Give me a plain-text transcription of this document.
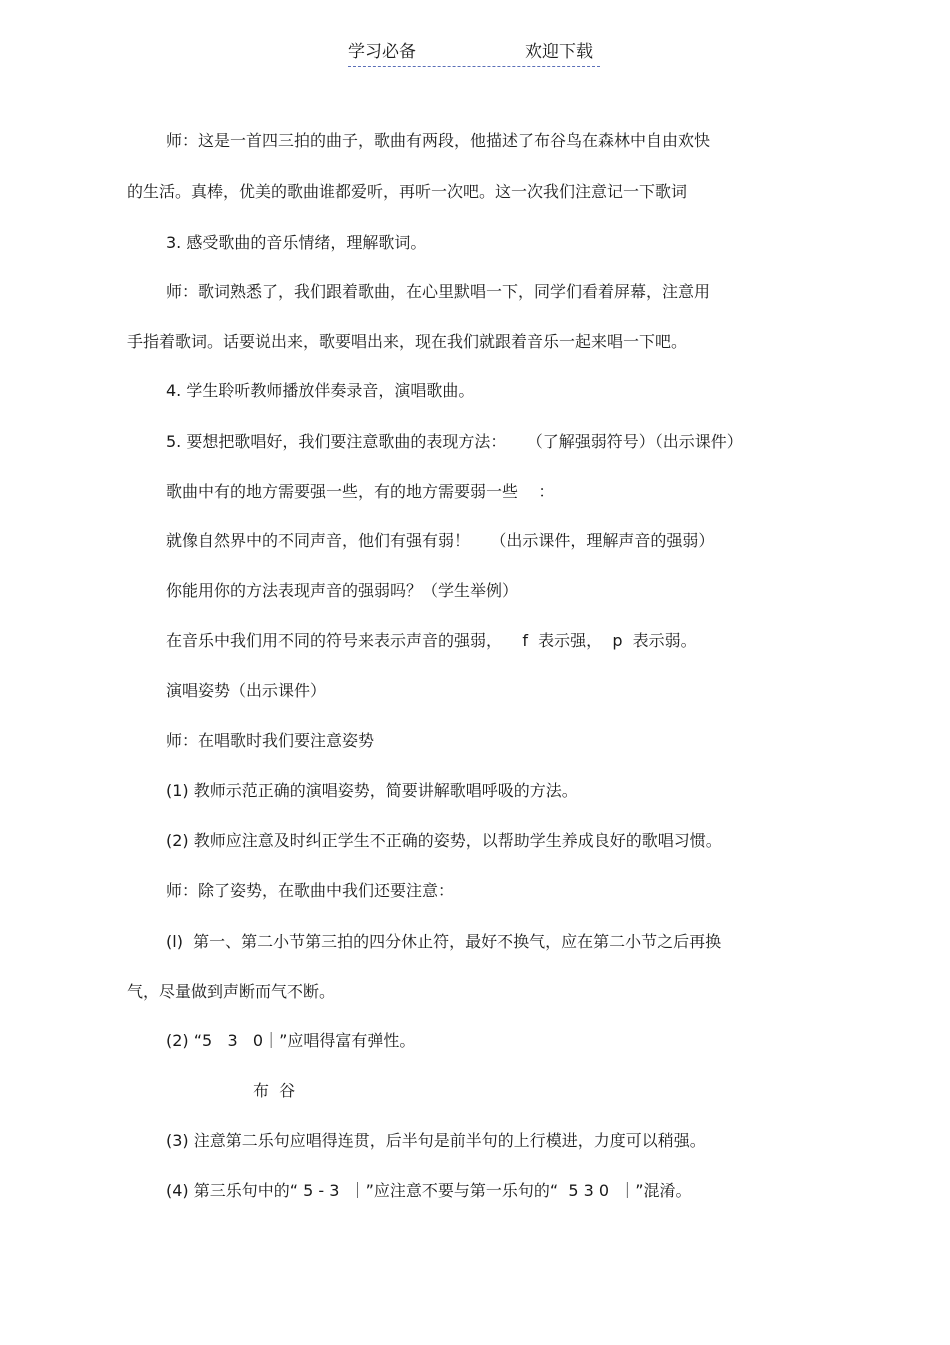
学习必备	欢迎下载
师：这是一首四三拍的曲子，歌曲有两段，他描述了布谷鸟在森林中自由欢快
的生活。真棒，优美的歌曲谁都爱听，再听一次吧。这一次我们注意记一下歌词
3. 感受歌曲的音乐情绪，理解歌词。
师：歌词熟悉了，我们跟着歌曲，在心里默唱一下，同学们看着屏幕，注意用
手指着歌词。话要说出来，歌要唱出来，现在我们就跟着音乐一起来唱一下吧。
4. 学生聆听教师播放伴奏录音，演唱歌曲。
5. 要想把歌唱好，我们要注意歌曲的表现方法：    （了解强弱符号）（出示课件）
歌曲中有的地方需要强一些，有的地方需要弱一些    ：
就像自然界中的不同声音，他们有强有弱！    （出示课件，理解声音的强弱）
你能用你的方法表现声音的强弱吗？（学生举例）
在音乐中我们用不同的符号来表示声音的强弱，    f  表示强，  p  表示弱。
演唱姿势（出示课件）
师：在唱歌时我们要注意姿势
(1) 教师示范正确的演唱姿势，简要讲解歌唱呼吸的方法。
(2) 教师应注意及时纠正学生不正确的姿势，以帮助学生养成良好的歌唱习惯。
师：除了姿势，在歌曲中我们还要注意：
(l)  第一、第二小节第三拍的四分休止符，最好不换气，应在第二小节之后再换
气，尽量做到声断而气不断。
(2) “5   3   0｜”应唱得富有弹性。
布  谷
(3) 注意第二乐句应唱得连贯，后半句是前半句的上行模进，力度可以稍强。
(4) 第三乐句中的“ 5 - 3  ｜”应注意不要与第一乐句的“  5 3 0  ｜”混淆。
